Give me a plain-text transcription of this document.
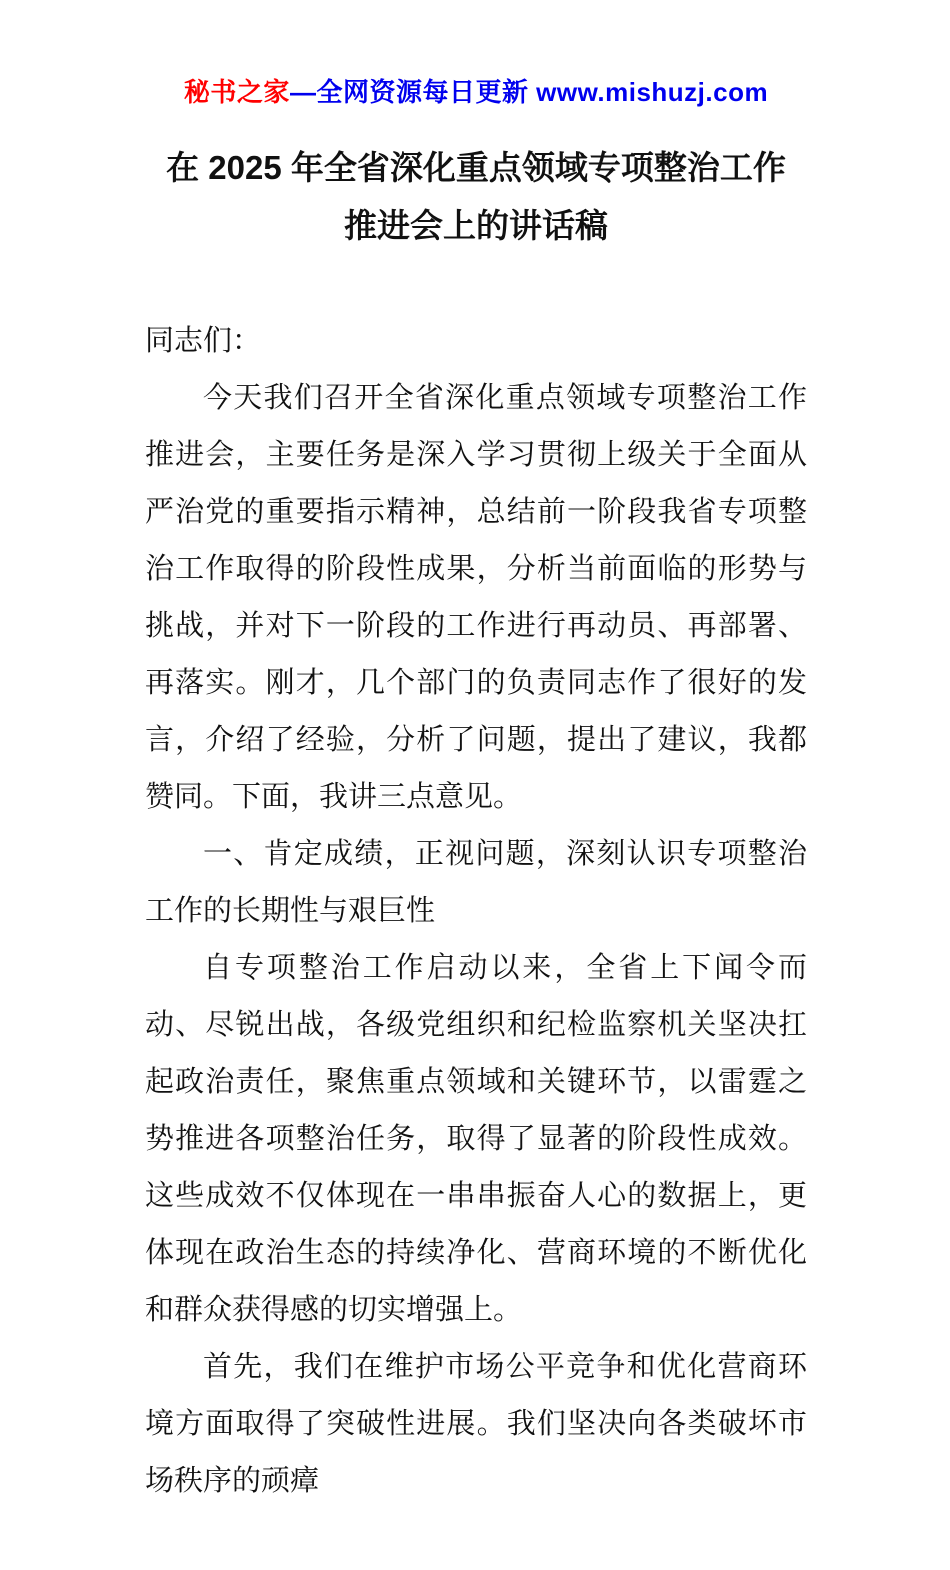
秘书之家—全网资源每日更新 www.mishuzj.com
在 2025 年全省深化重点领域专项整治工作
推进会上的讲话稿

同志们：

今天我们召开全省深化重点领域专项整治工作推进会，主要任务是深入学习贯彻上级关于全面从严治党的重要指示精神，总结前一阶段我省专项整治工作取得的阶段性成果，分析当前面临的形势与挑战，并对下一阶段的工作进行再动员、再部署、再落实。刚才，几个部门的负责同志作了很好的发言，介绍了经验，分析了问题，提出了建议，我都赞同。下面，我讲三点意见。

一、肯定成绩，正视问题，深刻认识专项整治工作的长期性与艰巨性

自专项整治工作启动以来，全省上下闻令而动、尽锐出战，各级党组织和纪检监察机关坚决扛起政治责任，聚焦重点领域和关键环节，以雷霆之势推进各项整治任务，取得了显著的阶段性成效。这些成效不仅体现在一串串振奋人心的数据上，更体现在政治生态的持续净化、营商环境的不断优化和群众获得感的切实增强上。

首先，我们在维护市场公平竞争和优化营商环境方面取得了突破性进展。我们坚决向各类破坏市场秩序的顽瘴
